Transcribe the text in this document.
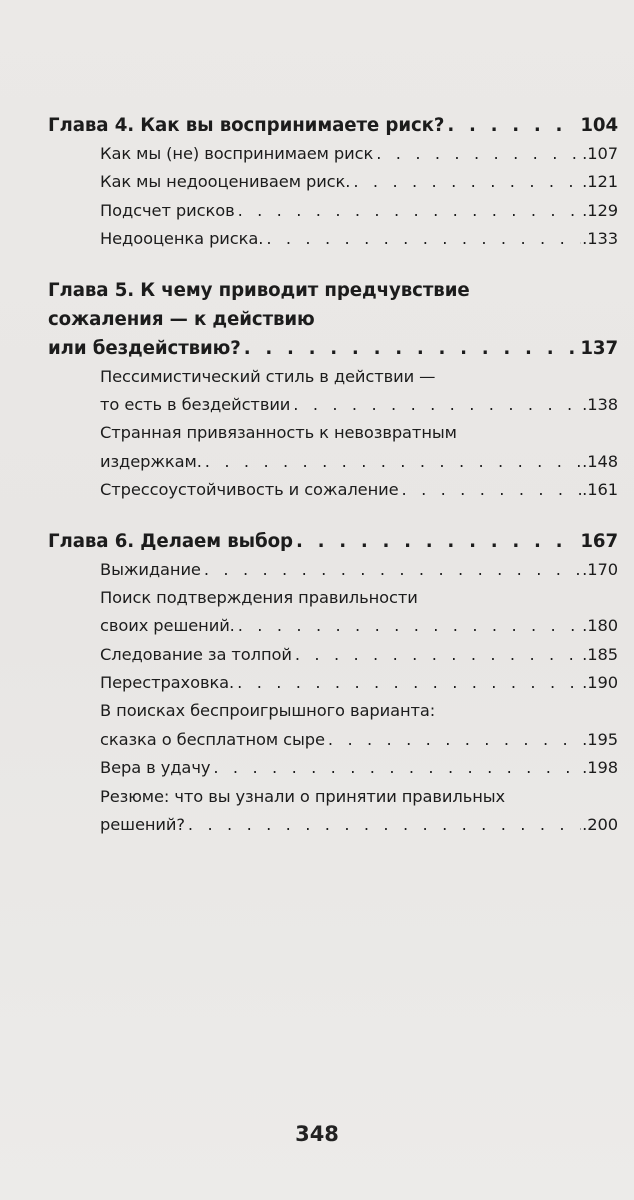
Глава 4. Как вы воспринимаете риск? . . .	104
Как мы (не) воспринимаем риск . . .	.107
Как мы недооцениваем риск. . . .	.121
Подсчет рисков . . .	.129
Недооценка риска. . . .	.133
Глава 5. К чему приводит предчувствие
сожаления — к действию
или бездействию? . . .	137
Пессимистический стиль в действии —
то есть в бездействии . . .	.138
Странная привязанность к невозвратным
издержкам. . . .	.148
Стрессоустойчивость и сожаление . . .	.161
Глава 6. Делаем выбор . . .	167
Выжидание . . .	.170
Поиск подтверждения правильности
своих решений. . . .	.180
Следование за толпой . . .	.185
Перестраховка. . . .	.190
В поисках беспроигрышного варианта:
сказка о бесплатном сыре . . .	.195
Вера в удачу . . .	.198
Резюме: что вы узнали о принятии правильных
решений? . . .	.200
348
